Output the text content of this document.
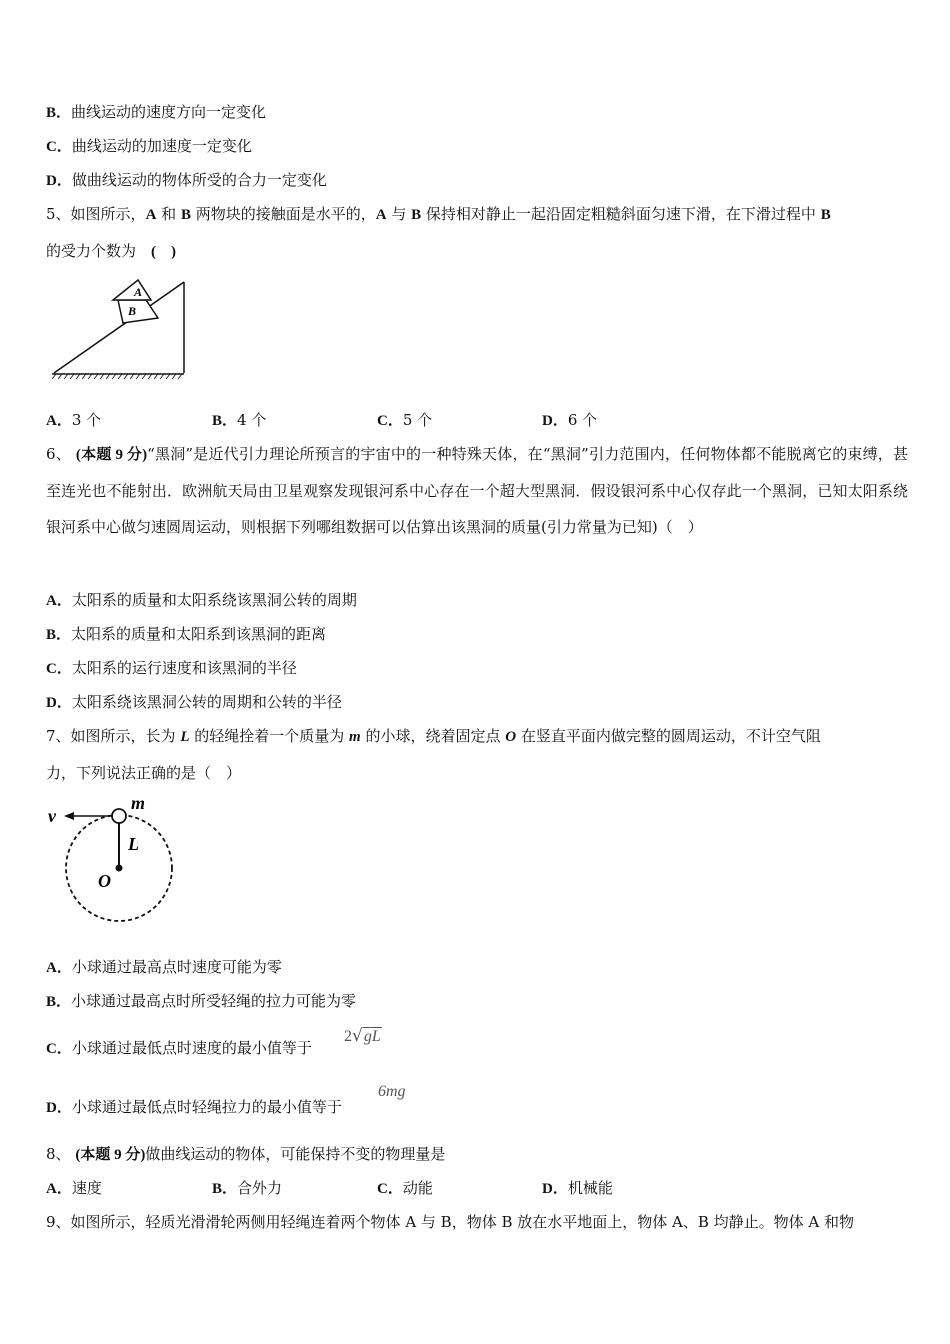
B．曲线运动的速度方向一定变化
C．曲线运动的加速度一定变化
D．做曲线运动的物体所受的合力一定变化
5、如图所示，A 和 B 两物块的接触面是水平的，A 与 B 保持相对静止一起沿固定粗糙斜面匀速下滑，在下滑过程中 B
的受力个数为　 (　)
A
B
A．3 个	B．4 个	C．5 个	D．6 个
6、 (本题 9 分)“黑洞”是近代引力理论所预言的宇宙中的一种特殊天体，在“黑洞”引力范围内，任何物体都不能脱离它的束缚，甚至连光也不能射出．欧洲航天局由卫星观察发现银河系中心存在一个超大型黑洞．假设银河系中心仅存此一个黑洞，已知太阳系绕银河系中心做匀速圆周运动，则根据下列哪组数据可以估算出该黑洞的质量(引力常量为已知)（　）
A．太阳系的质量和太阳系绕该黑洞公转的周期
B．太阳系的质量和太阳系到该黑洞的距离
C．太阳系的运行速度和该黑洞的半径
D．太阳系绕该黑洞公转的周期和公转的半径
7、如图所示，长为 L 的轻绳拴着一个质量为 m 的小球，绕着固定点 O 在竖直平面内做完整的圆周运动，不计空气阻
力，下列说法正确的是（　）
v
m
L
O
A．小球通过最高点时速度可能为零
B．小球通过最高点时所受轻绳的拉力可能为零
C．小球通过最低点时速度的最小值等于
2√gL
D．小球通过最低点时轻绳拉力的最小值等于
6mg
8、 (本题 9 分)做曲线运动的物体，可能保持不变的物理量是
A．速度	B．合外力	C．动能	D．机械能
9、如图所示，轻质光滑滑轮两侧用轻绳连着两个物体 A 与 B，物体 B 放在水平地面上，物体 A、B 均静止。物体 A 和物
